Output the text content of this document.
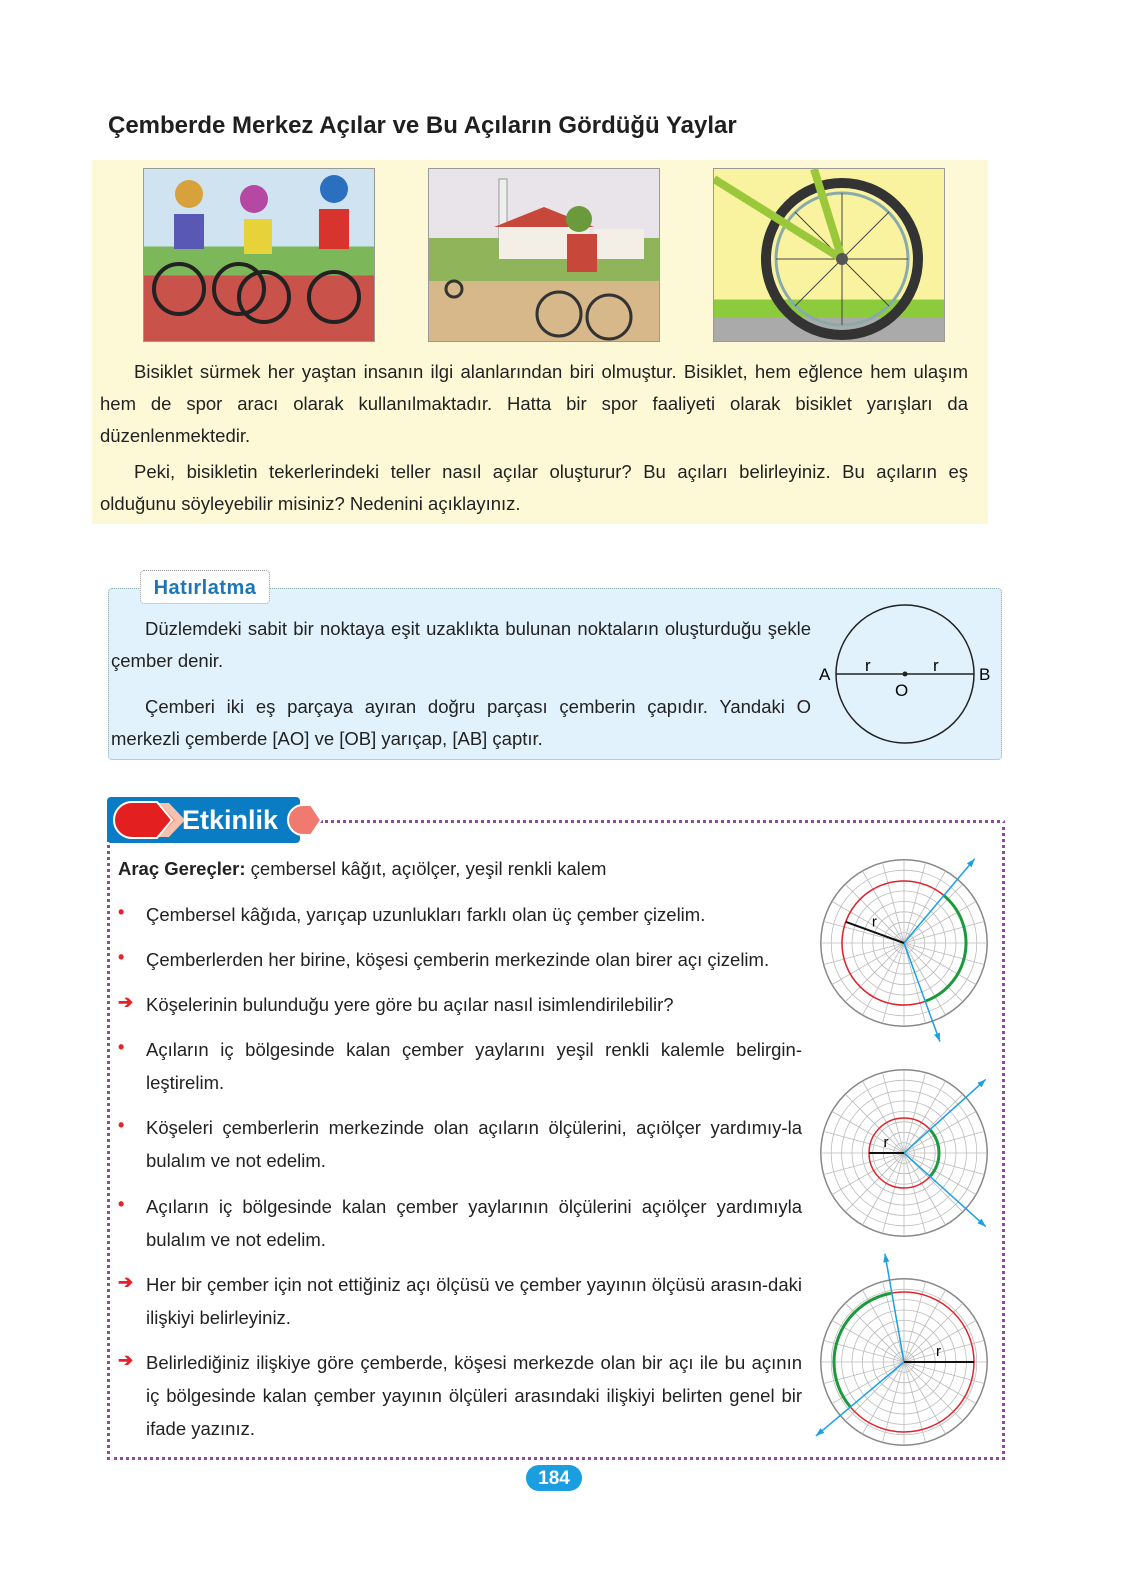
Çemberde Merkez Açılar ve Bu Açıların Gördüğü Yaylar
Bisiklet sürmek her yaştan insanın ilgi alanlarından biri olmuştur. Bisiklet, hem eğlence hem ulaşım hem de spor aracı olarak kullanılmaktadır. Hatta bir spor faaliyeti olarak bisiklet yarışları da düzenlenmektedir.
Peki, bisikletin tekerlerindeki teller nasıl açılar oluşturur? Bu açıları belirleyiniz. Bu açıların eş olduğunu söyleyebilir misiniz? Nedenini açıklayınız.
Düzlemdeki sabit bir noktaya eşit uzaklıkta bulunan noktaların oluşturduğu şekle çember denir.
Çemberi iki eş parçaya ayıran doğru parçası çemberin çapıdır. Yandaki O merkezli çemberde [AO] ve [OB] yarıçap, [AB] çaptır.
A	B
O
r	r
Hatırlatma
Etkinlik
Araç Gereçler: çembersel kâğıt, açıölçer, yeşil renkli kalem
• Çembersel kâğıda, yarıçap uzunlukları farklı olan üç çember çizelim.
• Çemberlerden her birine, köşesi çemberin merkezinde olan birer açı çizelim.
➔ Köşelerinin bulunduğu yere göre bu açılar nasıl isimlendirilebilir?
• Açıların iç bölgesinde kalan çember yaylarını yeşil renkli kalemle belirgin-leştirelim.
• Köşeleri çemberlerin merkezinde olan açıların ölçülerini, açıölçer yardımıy-la bulalım ve not edelim.
• Açıların iç bölgesinde kalan çember yaylarının ölçülerini açıölçer yardımıyla bulalım ve not edelim.
➔ Her bir çember için not ettiğiniz açı ölçüsü ve çember yayının ölçüsü arasın-daki ilişkiyi belirleyiniz.
➔ Belirlediğiniz ilişkiye göre çemberde, köşesi merkezde olan bir açı ile bu açının iç bölgesinde kalan çember yayının ölçüleri arasındaki ilişkiyi belirten genel bir ifade yazınız.
r
r
r
184
